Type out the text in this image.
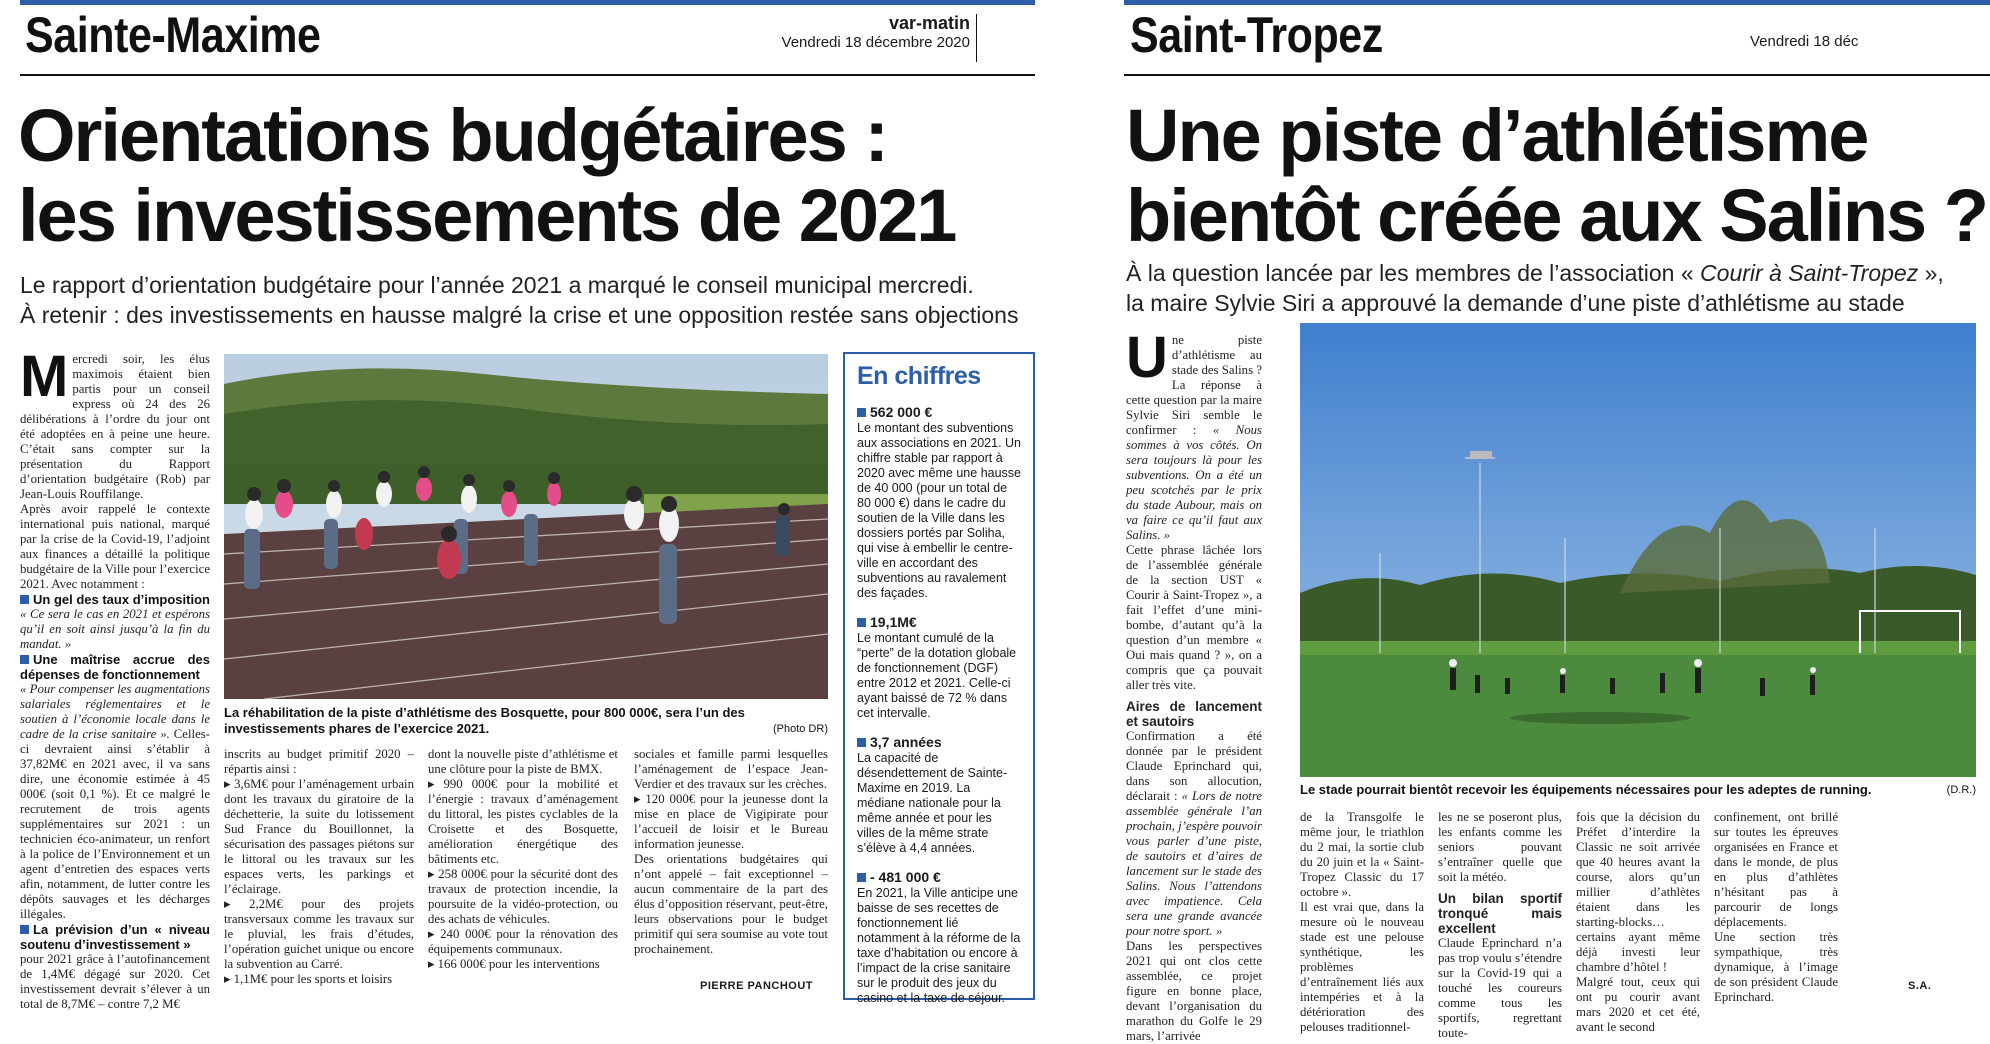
Sainte-Maxime	var-matin
Vendredi 18 décembre 2020
Orientations budgétaires :
les investissements de 2021
Le rapport d’orientation budgétaire pour l’année 2021 a marqué le conseil municipal mercredi.
À retenir : des investissements en hausse malgré la crise et une opposition restée sans objections
M ercredi soir, les élus maximois étaient bien partis pour un conseil express où 24 des 26 délibérations à l’ordre du jour ont été adoptées en à peine une heure. C’était sans compter sur la présentation du Rapport d’orientation budgétaire (Rob) par Jean-Louis Rouffilange.

Après avoir rappelé le contexte international puis national, marqué par la crise de la Covid-19, l’adjoint aux finances a détaillé la politique budgétaire de la Ville pour l’exercice 2021. Avec notamment :

Un gel des taux d’imposition

« Ce sera le cas en 2021 et espérons qu’il en soit ainsi jusqu’à la fin du mandat. »

Une maîtrise accrue des dépenses de fonctionnement

« Pour compenser les augmentations salariales réglementaires et le soutien à l’économie locale dans le cadre de la crise sanitaire ». Celles-ci devraient ainsi s’établir à 37,82M€ en 2021 avec, il va sans dire, une économie estimée à 45 000€ (soit 0,1 %). Et ce malgré le recrutement de trois agents supplémentaires sur 2021 : un technicien éco-animateur, un renfort à la police de l’Environnement et un agent d’entretien des espaces verts afin, notamment, de lutter contre les dépôts sauvages et les décharges illégales.

La prévision d’un « niveau soutenu d’investissement »

pour 2021 grâce à l’autofinancement de 1,4M€ dégagé sur 2020. Cet investissement devrait s’élever à un total de 8,7M€ – contre 7,2 M€

La réhabilitation de la piste d’athlétisme des Bosquette, pour 800 000€, sera l’un des investissements phares de l’exercice 2021.	(Photo DR)

inscrits au budget primitif 2020 – répartis ainsi :

▸ 3,6M€ pour l’aménagement urbain dont les travaux du giratoire de la déchetterie, la suite du lotissement Sud France du Bouillonnet, la sécurisation des passages piétons sur le littoral ou les travaux sur les espaces verts, les parkings et l’éclairage.

▸ 2,2M€ pour des projets transversaux comme les travaux sur le pluvial, les frais d’études, l’opération guichet unique ou encore la subvention au Carré.

▸ 1,1M€ pour les sports et loisirs

dont la nouvelle piste d’athlétisme et une clôture pour la piste de BMX.

▸ 990 000€ pour la mobilité et l’énergie : travaux d’aménagement du littoral, les pistes cyclables de la Croisette et des Bosquette, amélioration énergétique des bâtiments etc.

▸ 258 000€ pour la sécurité dont des travaux de protection incendie, la poursuite de la vidéo-protection, ou des achats de véhicules.

▸ 240 000€ pour la rénovation des équipements communaux.

▸ 166 000€ pour les interventions

sociales et famille parmi lesquelles l’aménagement de l’espace Jean-Verdier et des travaux sur les crèches.

▸ 120 000€ pour la jeunesse dont la mise en place de Vigipirate pour l’accueil de loisir et le Bureau information jeunesse.

Des orientations budgétaires qui n’ont appelé – fait exceptionnel – aucun commentaire de la part des élus d’opposition réservant, peut-être, leurs observations pour le budget primitif qui sera soumise au vote tout prochainement.

PIERRE PANCHOUT
En chiffres
562 000 €
Le montant des subventions aux associations en 2021. Un chiffre stable par rapport à 2020 avec même une hausse de 40 000 (pour un total de 80 000 €) dans le cadre du soutien de la Ville dans les dossiers portés par Soliha, qui vise à embellir le centre-ville en accordant des subventions au ravalement des façades.
19,1M€
Le montant cumulé de la “perte” de la dotation globale de fonctionnement (DGF) entre 2012 et 2021. Celle-ci ayant baissé de 72 % dans cet intervalle.
3,7 années
La capacité de désendettement de Sainte-Maxime en 2019. La médiane nationale pour la même année et pour les villes de la même strate s’élève à 4,4 années.
- 481 000 €
En 2021, la Ville anticipe une baisse de ses recettes de fonctionnement lié notamment à la réforme de la taxe d’habitation ou encore à l’impact de la crise sanitaire sur le produit des jeux du casino et la taxe de séjour.
Saint-Tropez	Vendredi 18 déc
Une piste d’athlétisme
bientôt créée aux Salins ?
À la question lancée par les membres de l’association « Courir à Saint-Tropez »,
la maire Sylvie Siri a approuvé la demande d’une piste d’athlétisme au stade
U ne piste d’athlétisme au stade des Salins ? La réponse à cette question par la maire Sylvie Siri semble le confirmer : « Nous sommes à vos côtés. On sera toujours là pour les subventions. On a été un peu scotchés par le prix du stade Aubour, mais on va faire ce qu’il faut aux Salins. »

Cette phrase lâchée lors de l’assemblée générale de la section UST « Courir à Saint-Tropez », a fait l’effet d’une mini-bombe, d’autant qu’à la question d’un membre « Oui mais quand ? », on a compris que ça pouvait aller très vite.

Aires de lancement et sautoirs

Confirmation a été donnée par le président Claude Eprinchard qui, dans son allocution, déclarait : « Lors de notre assemblée générale l’an prochain, j’espère pouvoir vous parler d’une piste, de sautoirs et d’aires de lancement sur le stade des Salins. Nous l’attendons avec impatience. Cela sera une grande avancée pour notre sport. »

Dans les perspectives 2021 qui ont clos cette assemblée, ce projet figure en bonne place, devant l’organisation du marathon du Golfe le 29 mars, l’arrivée

Le stade pourrait bientôt recevoir les équipements nécessaires pour les adeptes de running.	(D.R.)

de la Transgolfe le même jour, le triathlon du 2 mai, la sortie club du 20 juin et la « Saint-Tropez Classic du 17 octobre ».

Il est vrai que, dans la mesure où le nouveau stade est une pelouse synthétique, les problèmes d’entraînement liés aux intempéries et à la détérioration des pelouses traditionnel-

les ne se poseront plus, les enfants comme les seniors pouvant s’entraîner quelle que soit la météo.

Un bilan sportif tronqué mais excellent

Claude Eprinchard n’a pas trop voulu s’étendre sur la Covid-19 qui a touché les coureurs comme tous les sportifs, regrettant toute-

fois que la décision du Préfet d’interdire la Classic ne soit arrivée que 40 heures avant la course, alors qu’un millier d’athlètes étaient dans les starting-blocks…certains ayant même déjà investi leur chambre d’hôtel !

Malgré tout, ceux qui ont pu courir avant mars 2020 et cet été, avant le second

confinement, ont brillé sur toutes les épreuves organisées en France et dans le monde, de plus en plus d’athlètes n’hésitant pas à parcourir de longs déplacements.

Une section très sympathique, très dynamique, à l’image de son président Claude Eprinchard.

S.A.
